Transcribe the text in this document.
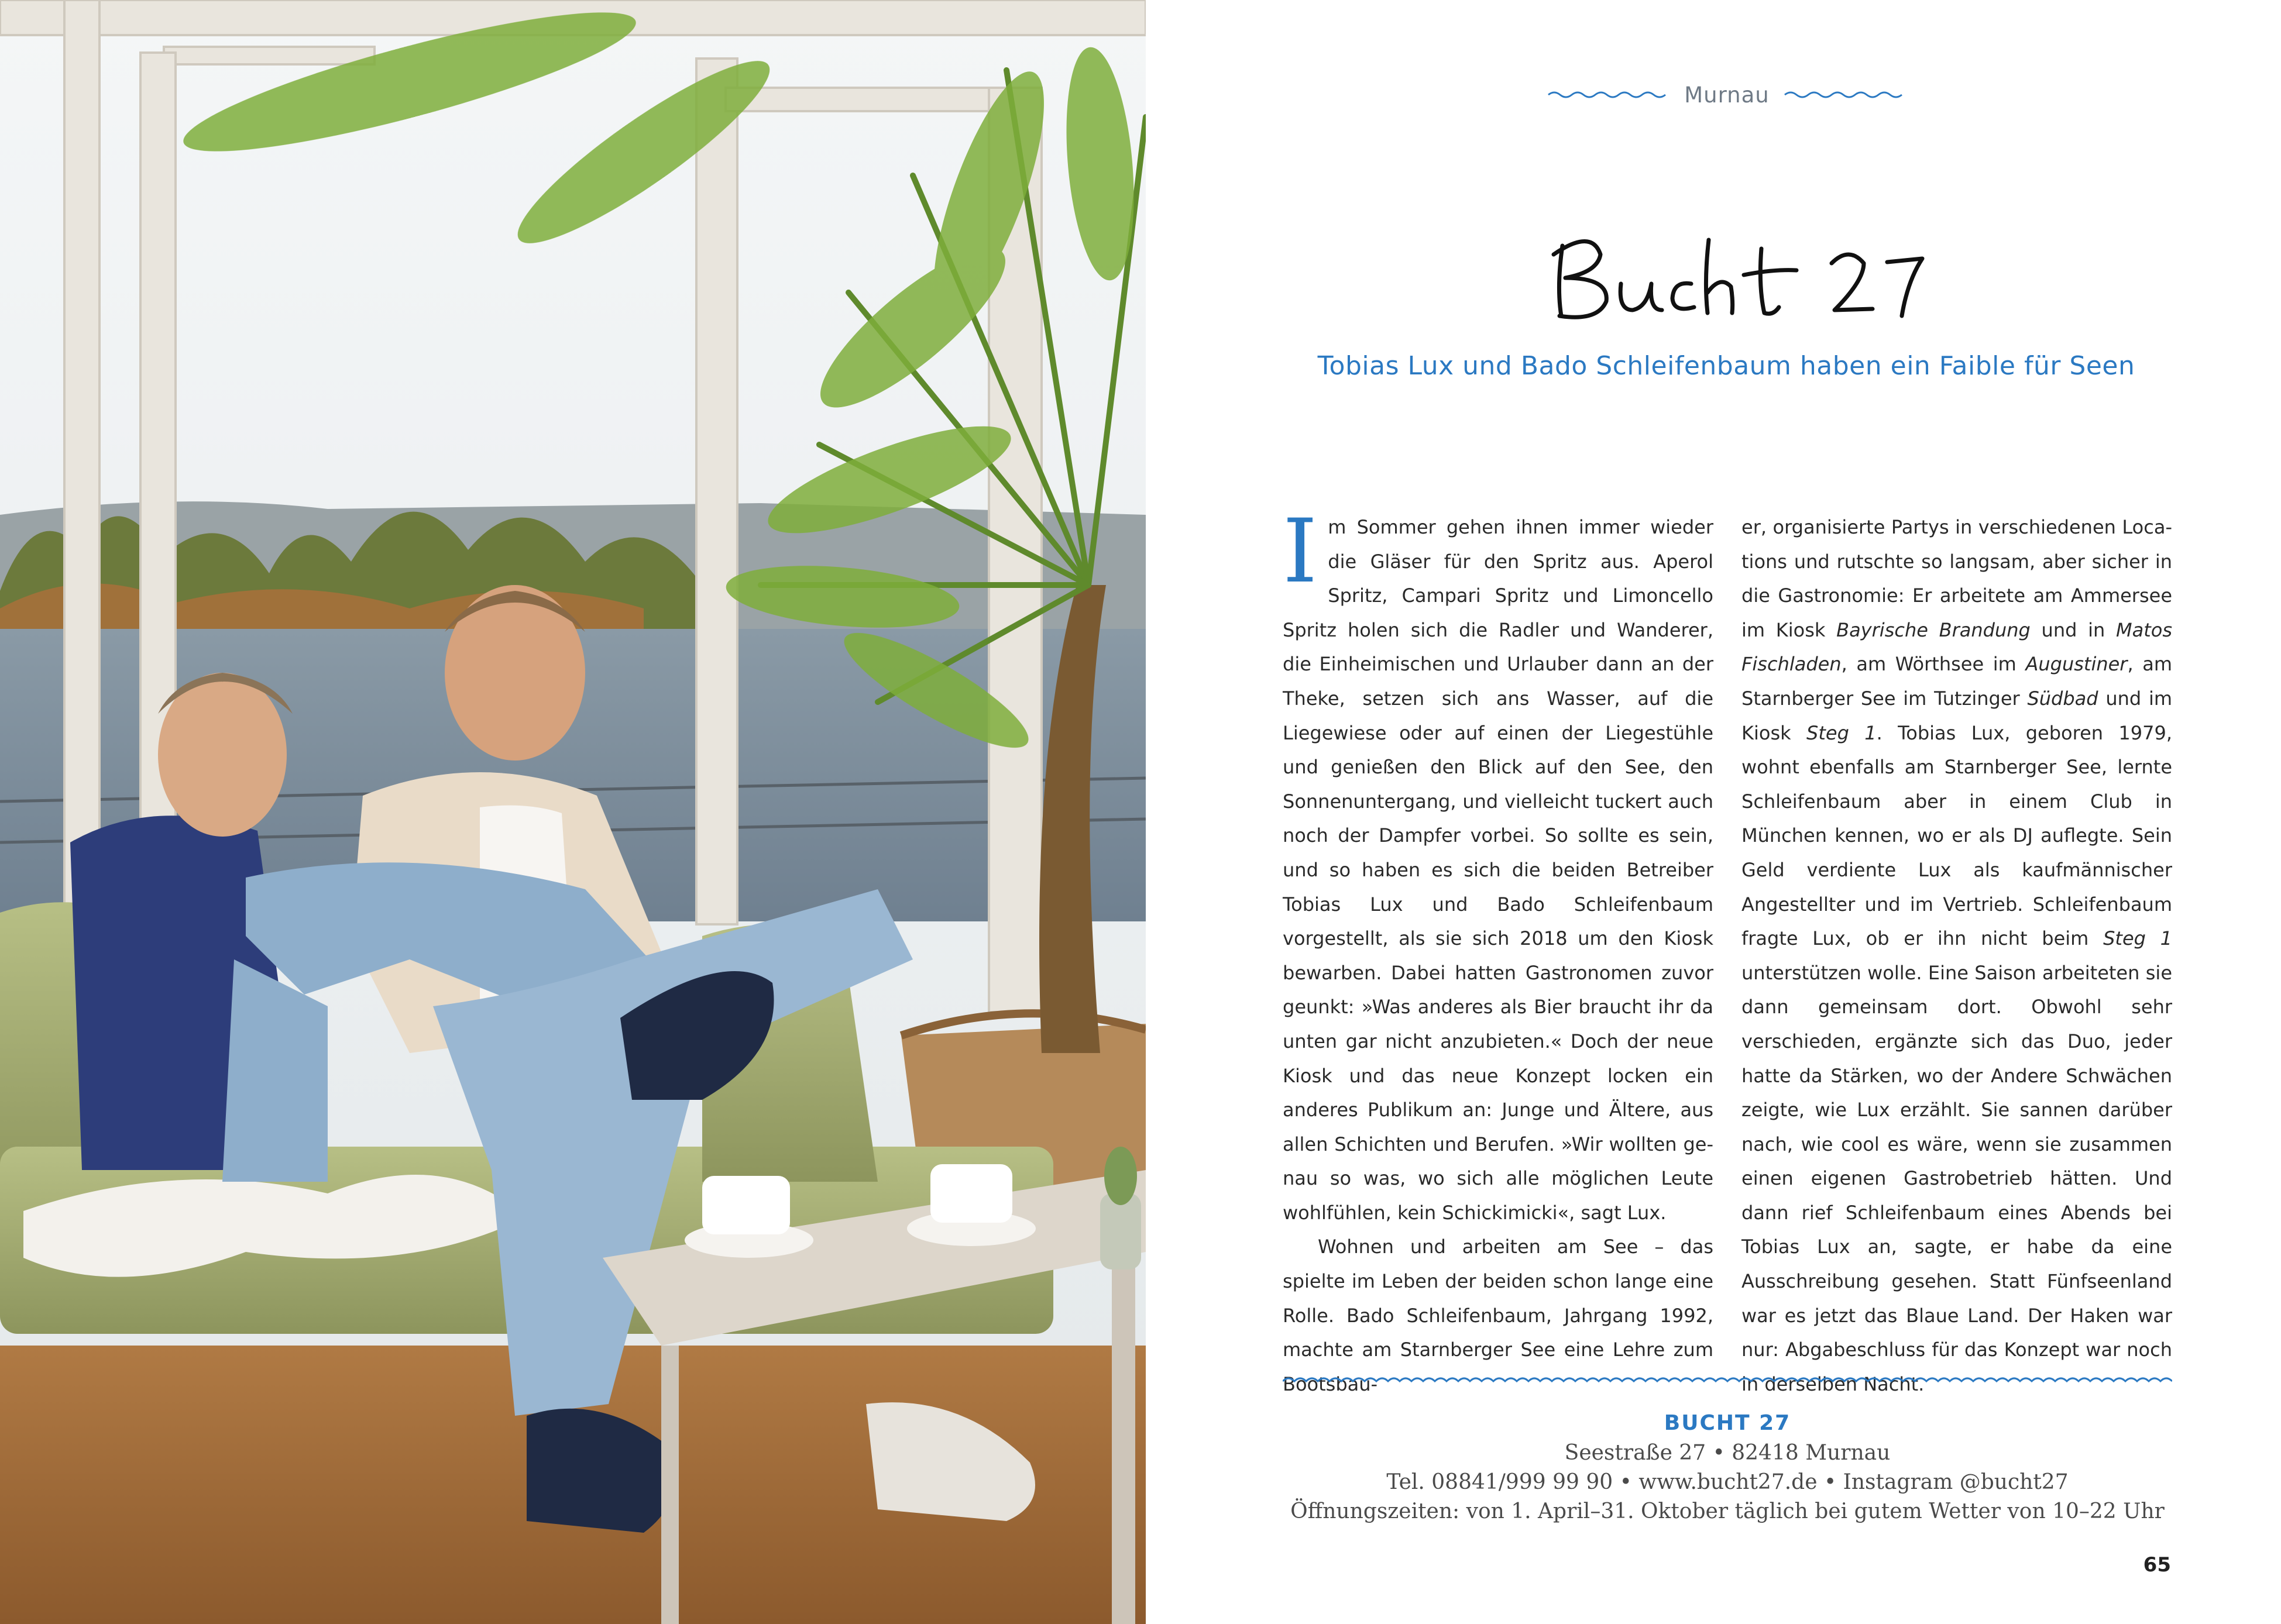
Murnau
Tobias Lux und Bado Schleifenbaum haben ein Faible für Seen

Im Sommer gehen ihnen immer wieder die Gläser für den Spritz aus. Aperol Spritz, Campari Spritz und Limoncello Spritz holen sich die Radler und Wanderer, die Einheimischen und Urlauber dann an der Theke, setzen sich ans Wasser, auf die Liegewiese oder auf einen der Liegestühle und genießen den Blick auf den See, den Sonnenuntergang, und vielleicht tuckert auch noch der Dampfer vorbei. So sollte es sein, und so haben es sich die beiden Betreiber Tobias Lux und Bado Schleifenbaum vorgestellt, als sie sich 2018 um den Kiosk bewarben. Dabei hatten Gastronomen zuvor geunkt: »Was anderes als Bier braucht ihr da unten gar nicht anzubieten.« Doch der neue Kiosk und das neue Konzept locken ein anderes Publikum an: Junge und Ältere, aus allen Schichten und Berufen. »Wir wollten genau so was, wo sich alle möglichen Leute wohlfühlen, kein Schickimicki«, sagt Lux.

Wohnen und arbeiten am See – das spielte im Leben der beiden schon lange eine Rolle. Bado Schleifenbaum, Jahrgang 1992, machte am Starnberger See eine Lehre zum Bootsbau-

er, organisierte Partys in verschiedenen Locations und rutschte so langsam, aber sicher in die Gastronomie: Er arbeitete am Ammersee im Kiosk Bayrische Brandung und in Matos Fischladen, am Wörthsee im Augustiner, am Starnberger See im Tutzinger Südbad und im Kiosk Steg 1. Tobias Lux, geboren 1979, wohnt ebenfalls am Starnberger See, lernte Schleifenbaum aber in einem Club in München kennen, wo er als DJ auflegte. Sein Geld verdiente Lux als kaufmännischer Angestellter und im Vertrieb. Schleifenbaum fragte Lux, ob er ihn nicht beim Steg 1 unterstützen wolle. Eine Saison arbeiteten sie dann gemeinsam dort. Obwohl sehr verschieden, ergänzte sich das Duo, jeder hatte da Stärken, wo der Andere Schwächen zeigte, wie Lux erzählt. Sie sannen darüber nach, wie cool es wäre, wenn sie zusammen einen eigenen Gastrobetrieb hätten. Und dann rief Schleifenbaum eines Abends bei Tobias Lux an, sagte, er habe da eine Ausschreibung gesehen. Statt Fünfseenland war es jetzt das Blaue Land. Der Haken war nur: Abgabeschluss für das Konzept war noch in derselben Nacht.

BUCHT 27
Seestraße 27 • 82418 Murnau
Tel. 08841/999 99 90 • www.bucht27.de • Instagram @bucht27
Öffnungszeiten: von 1. April–31. Oktober täglich bei gutem Wetter von 10–22 Uhr
65
